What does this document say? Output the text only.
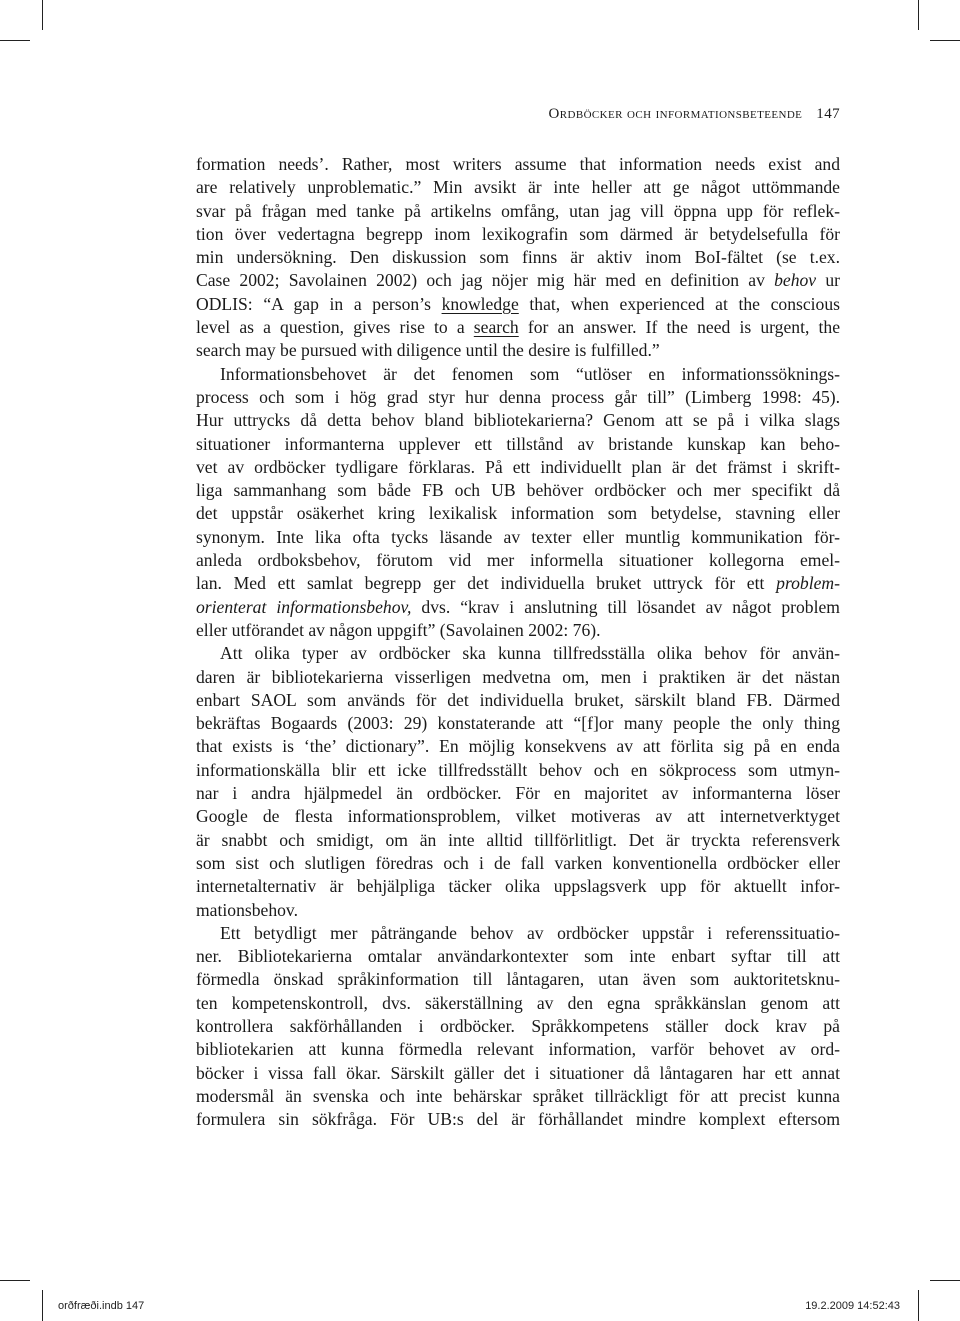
Ordböcker och informationsbeteende 147

formation needs’. Rather, most writers assume that information needs exist and
are relatively unproblematic.” Min avsikt är inte heller att ge något uttömmande
svar på frågan med tanke på artikelns omfång, utan jag vill öppna upp för reflek-
tion över vedertagna begrepp inom lexikografin som därmed är betydelsefulla för
min undersökning. Den diskussion som finns är aktiv inom BoI-fältet (se t.ex.
Case 2002; Savolainen 2002) och jag nöjer mig här med en definition av behov ur
ODLIS: “A gap in a person’s knowledge that, when experienced at the conscious
level as a question, gives rise to a search for an answer. If the need is urgent, the
search may be pursued with diligence until the desire is fulfilled.”

Informationsbehovet är det fenomen som “utlöser en informationssöknings-
process och som i hög grad styr hur denna process går till” (Limberg 1998: 45).
Hur uttrycks då detta behov bland bibliotekarierna? Genom att se på i vilka slags
situationer informanterna upplever ett tillstånd av bristande kunskap kan beho-
vet av ordböcker tydligare förklaras. På ett individuellt plan är det främst i skrift-
liga sammanhang som både FB och UB behöver ordböcker och mer specifikt då
det uppstår osäkerhet kring lexikalisk information som betydelse, stavning eller
synonym. Inte lika ofta tycks läsande av texter eller muntlig kommunikation för-
anleda ordboksbehov, förutom vid mer informella situationer kollegorna emel-
lan. Med ett samlat begrepp ger det individuella bruket uttryck för ett problem-
orienterat informationsbehov, dvs. “krav i anslutning till lösandet av något problem
eller utförandet av någon uppgift” (Savolainen 2002: 76).

Att olika typer av ordböcker ska kunna tillfredsställa olika behov för använ-
daren är bibliotekarierna visserligen medvetna om, men i praktiken är det nästan
enbart SAOL som används för det individuella bruket, särskilt bland FB. Därmed
bekräftas Bogaards (2003: 29) konstaterande att “[f]or many people the only thing
that exists is ‘the’ dictionary”. En möjlig konsekvens av att förlita sig på en enda
informationskälla blir ett icke tillfredsställt behov och en sökprocess som utmyn-
nar i andra hjälpmedel än ordböcker. För en majoritet av informanterna löser
Google de flesta informationsproblem, vilket motiveras av att internetverktyget
är snabbt och smidigt, om än inte alltid tillförlitligt. Det är tryckta referensverk
som sist och slutligen föredras och i de fall varken konventionella ordböcker eller
internetalternativ är behjälpliga täcker olika uppslagsverk upp för aktuellt infor-
mationsbehov.

Ett betydligt mer påträngande behov av ordböcker uppstår i referenssituatio-
ner. Bibliotekarierna omtalar användarkontexter som inte enbart syftar till att
förmedla önskad språkinformation till låntagaren, utan även som auktoritetsknu-
ten kompetenskontroll, dvs. säkerställning av den egna språkkänslan genom att
kontrollera sakförhållanden i ordböcker. Språkkompetens ställer dock krav på
bibliotekarien att kunna förmedla relevant information, varför behovet av ord-
böcker i vissa fall ökar. Särskilt gäller det i situationer då låntagaren har ett annat
modersmål än svenska och inte behärskar språket tillräckligt för att precist kunna
formulera sin sökfråga. För UB:s del är förhållandet mindre komplext eftersom

orðfræði.indb 147	19.2.2009 14:52:43
